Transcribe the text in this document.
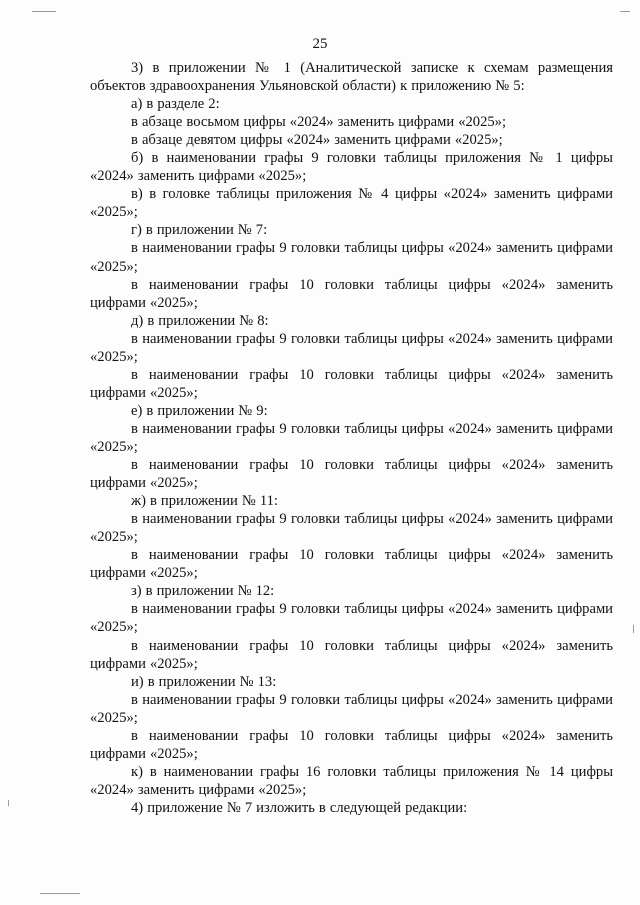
25

3) в приложении № 1 (Аналитической записке к схемам размещения объектов здравоохранения Ульяновской области) к приложению № 5:

а) в разделе 2:

в абзаце восьмом цифры «2024» заменить цифрами «2025»;

в абзаце девятом цифры «2024» заменить цифрами «2025»;

б) в наименовании графы 9 головки таблицы приложения № 1 цифры «2024» заменить цифрами «2025»;

в) в головке таблицы приложения № 4 цифры «2024» заменить цифрами «2025»;

г) в приложении № 7:

в наименовании графы 9 головки таблицы цифры «2024» заменить цифрами «2025»;

в наименовании графы 10 головки таблицы цифры «2024» заменить цифрами «2025»;

д) в приложении № 8:

в наименовании графы 9 головки таблицы цифры «2024» заменить цифрами «2025»;

в наименовании графы 10 головки таблицы цифры «2024» заменить цифрами «2025»;

е) в приложении № 9:

в наименовании графы 9 головки таблицы цифры «2024» заменить цифрами «2025»;

в наименовании графы 10 головки таблицы цифры «2024» заменить цифрами «2025»;

ж) в приложении № 11:

в наименовании графы 9 головки таблицы цифры «2024» заменить цифрами «2025»;

в наименовании графы 10 головки таблицы цифры «2024» заменить цифрами «2025»;

з) в приложении № 12:

в наименовании графы 9 головки таблицы цифры «2024» заменить цифрами «2025»;

в наименовании графы 10 головки таблицы цифры «2024» заменить цифрами «2025»;

и) в приложении № 13:

в наименовании графы 9 головки таблицы цифры «2024» заменить цифрами «2025»;

в наименовании графы 10 головки таблицы цифры «2024» заменить цифрами «2025»;

к) в наименовании графы 16 головки таблицы приложения № 14 цифры «2024» заменить цифрами «2025»;

4) приложение № 7 изложить в следующей редакции:
